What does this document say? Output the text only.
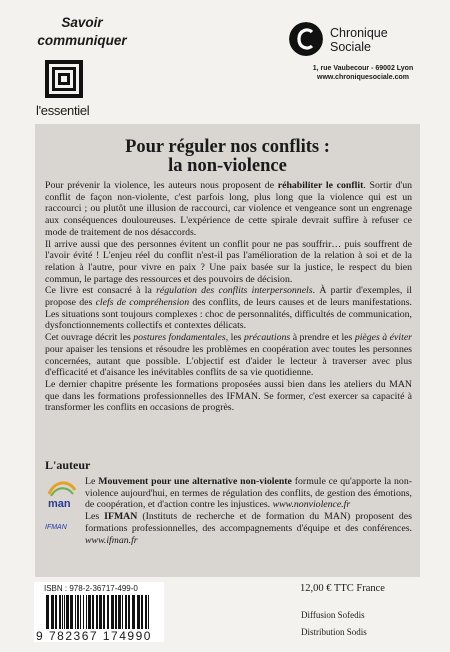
Savoir
communiquer
l'essentiel
Chronique
Sociale
1, rue Vaubecour - 69002 Lyon
www.chroniquesociale.com
Pour réguler nos conflits :
la non-violence

Pour prévenir la violence, les auteurs nous proposent de réhabiliter le conflit. Sortir d'un conflit de façon non-violente, c'est parfois long, plus long que la violence qui est un raccourci ; ou plutôt une illusion de raccourci, car violence et vengeance sont un engrenage aux conséquences douloureuses. L'expérience de cette spirale devrait suffire à refuser ce mode de traitement de nos désaccords.

Il arrive aussi que des personnes évitent un conflit pour ne pas souffrir… puis souffrent de l'avoir évité ! L'enjeu réel du conflit n'est-il pas l'amélioration de la relation à soi et de la relation à l'autre, pour vivre en paix ? Une paix basée sur la justice, le respect du bien commun, le partage des ressources et des pouvoirs de décision.

Ce livre est consacré à la régulation des conflits interpersonnels. À partir d'exemples, il propose des clefs de compréhension des conflits, de leurs causes et de leurs manifestations. Les situations sont toujours complexes : choc de personnalités, difficultés de communication, dysfonctionnements collectifs et contextes délicats.

Cet ouvrage décrit les postures fondamentales, les précautions à prendre et les pièges à éviter pour apaiser les tensions et résoudre les problèmes en coopération avec toutes les personnes concernées, autant que possible. L'objectif est d'aider le lecteur à traverser avec plus d'efficacité et d'aisance les inévitables conflits de sa vie quotidienne.

Le dernier chapitre présente les formations proposées aussi bien dans les ateliers du MAN que dans les formations professionnelles des IFMAN. Se former, c'est exercer sa capacité à transformer les conflits en occasions de progrès.

L'auteur
man

Le Mouvement pour une alternative non-violente formule ce qu'apporte la non-violence aujourd'hui, en termes de régulation des conflits, de gestion des émotions, de coopération, et d'action contre les injustices. www.nonviolence.fr

Les IFMAN (Instituts de recherche et de formation du MAN) proposent des formations professionnelles, des accompagnements d'équipe et des conférences. www.ifman.fr

IFMAN
ISBN : 978-2-36717-499-0
9 782367 174990
12,00 € TTC France
Diffusion Sofedis
Distribution Sodis
